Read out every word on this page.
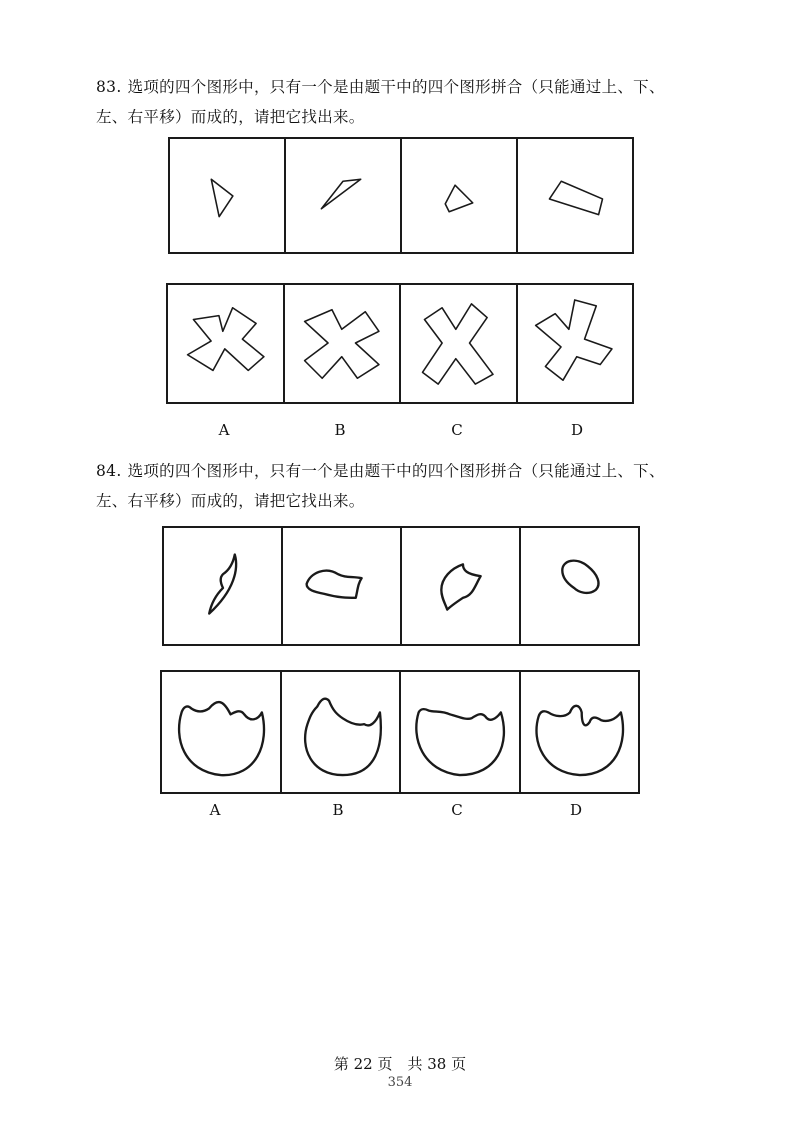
83. 选项的四个图形中，只有一个是由题干中的四个图形拼合（只能通过上、下、
左、右平移）而成的，请把它找出来。
A	B	C	D
84. 选项的四个图形中，只有一个是由题干中的四个图形拼合（只能通过上、下、
左、右平移）而成的，请把它找出来。
A	B	C	D
第 22 页　共 38 页
354
